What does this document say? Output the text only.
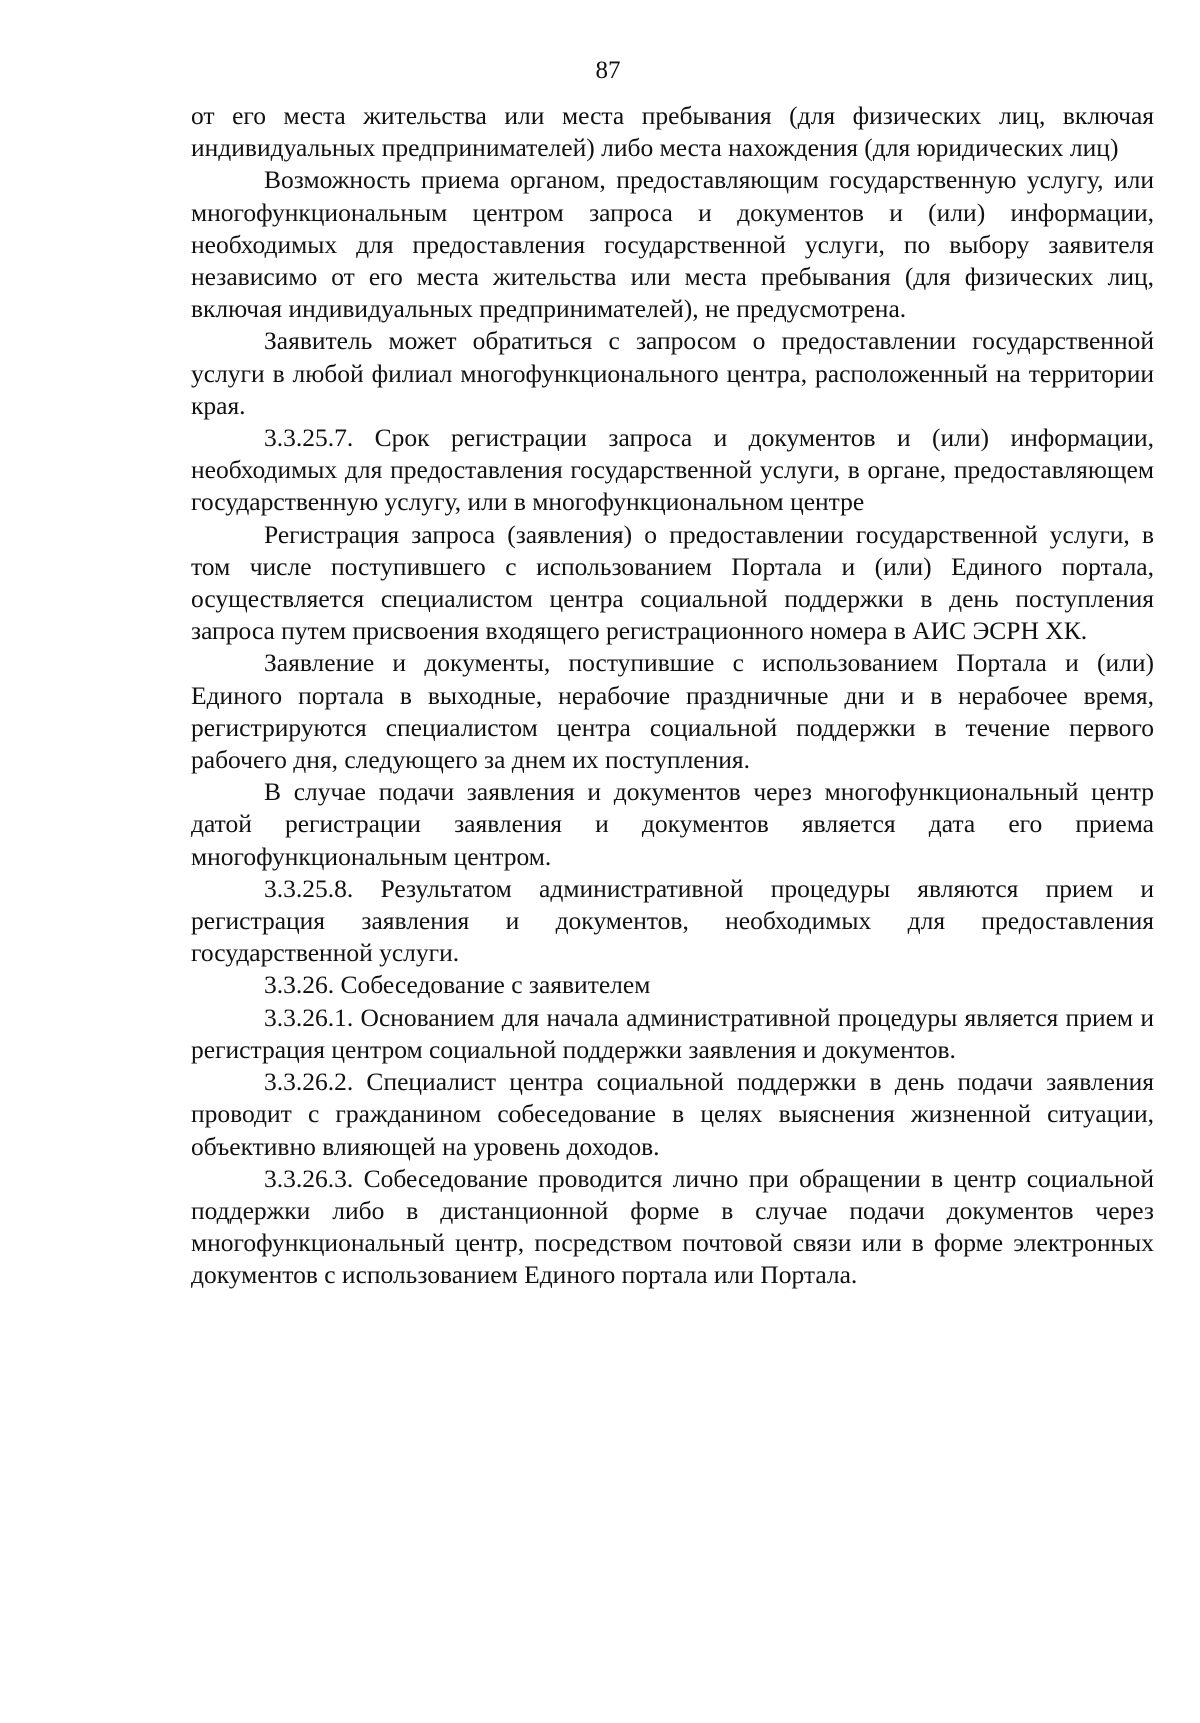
87

от его места жительства или места пребывания (для физических лиц, включая индивидуальных предпринимателей) либо места нахождения (для юридических лиц)

Возможность приема органом, предоставляющим государственную услугу, или многофункциональным центром запроса и документов и (или) информации, необходимых для предоставления государственной услуги, по выбору заявителя независимо от его места жительства или места пребывания (для физических лиц, включая индивидуальных предпринимателей), не предусмотрена.

Заявитель может обратиться с запросом о предоставлении государственной услуги в любой филиал многофункционального центра, расположенный на территории края.

3.3.25.7. Срок регистрации запроса и документов и (или) информации, необходимых для предоставления государственной услуги, в органе, предоставляющем государственную услугу, или в многофункциональном центре

Регистрация запроса (заявления) о предоставлении государственной услуги, в том числе поступившего с использованием Портала и (или) Единого портала, осуществляется специалистом центра социальной поддержки в день поступления запроса путем присвоения входящего регистрационного номера в АИС ЭСРН ХК.

Заявление и документы, поступившие с использованием Портала и (или) Единого портала в выходные, нерабочие праздничные дни и в нерабочее время, регистрируются специалистом центра социальной поддержки в течение первого рабочего дня, следующего за днем их поступления.

В случае подачи заявления и документов через многофункциональный центр датой регистрации заявления и документов является дата его приема многофункциональным центром.

3.3.25.8. Результатом административной процедуры являются прием и регистрация заявления и документов, необходимых для предоставления государственной услуги.

3.3.26. Собеседование с заявителем

3.3.26.1. Основанием для начала административной процедуры является прием и регистрация центром социальной поддержки заявления и документов.

3.3.26.2. Специалист центра социальной поддержки в день подачи заявления проводит с гражданином собеседование в целях выяснения жизненной ситуации, объективно влияющей на уровень доходов.

3.3.26.3. Собеседование проводится лично при обращении в центр социальной поддержки либо в дистанционной форме в случае подачи документов через многофункциональный центр, посредством почтовой связи или в форме электронных документов с использованием Единого портала или Портала.
